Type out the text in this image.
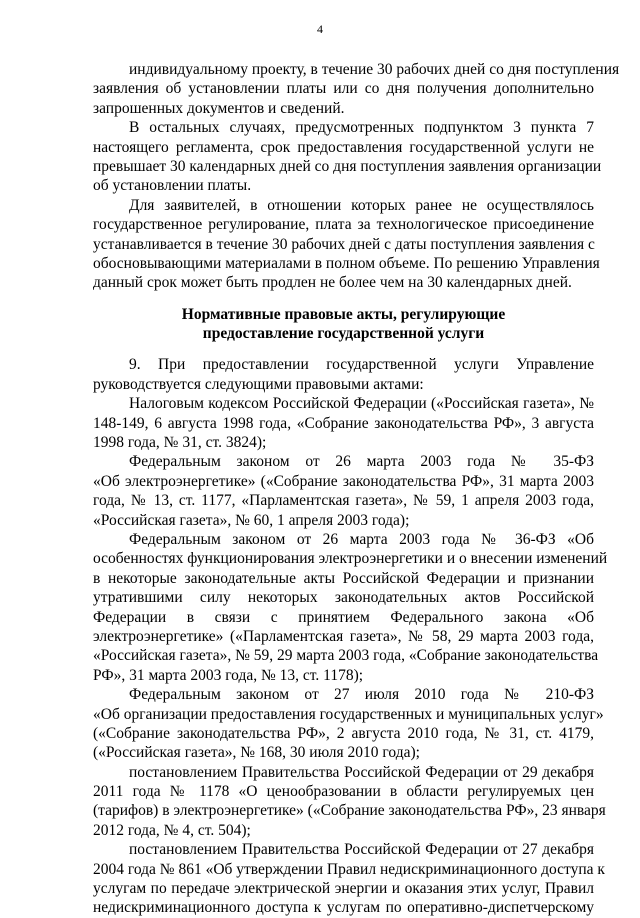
4
индивидуальному проекту, в течение 30 рабочих дней со дня поступления
заявления об установлении платы или со дня получения дополнительно
запрошенных документов и сведений.
В остальных случаях, предусмотренных подпунктом 3 пункта 7
настоящего регламента, срок предоставления государственной услуги не
превышает 30 календарных дней со дня поступления заявления организации
об установлении платы.
Для заявителей, в отношении которых ранее не осуществлялось
государственное регулирование, плата за технологическое присоединение
устанавливается в течение 30 рабочих дней с даты поступления заявления с
обосновывающими материалами в полном объеме. По решению Управления
данный срок может быть продлен не более чем на 30 календарных дней.
Нормативные правовые акты, регулирующие
предоставление государственной услуги
9. При предоставлении государственной услуги Управление
руководствуется следующими правовыми актами:
Налоговым кодексом Российской Федерации («Российская газета», №
148-149, 6 августа 1998 года, «Собрание законодательства РФ», 3 августа
1998 года, № 31, ст. 3824);
Федеральным законом от 26 марта 2003 года № 35-ФЗ
«Об электроэнергетике» («Собрание законодательства РФ», 31 марта 2003
года, № 13, ст. 1177, «Парламентская газета», № 59, 1 апреля 2003 года,
«Российская газета», № 60, 1 апреля 2003 года);
Федеральным законом от 26 марта 2003 года № 36-ФЗ «Об
особенностях функционирования электроэнергетики и о внесении изменений
в некоторые законодательные акты Российской Федерации и признании
утратившими силу некоторых законодательных актов Российской
Федерации в связи с принятием Федерального закона «Об
электроэнергетике» («Парламентская газета», № 58, 29 марта 2003 года,
«Российская газета», № 59, 29 марта 2003 года, «Собрание законодательства
РФ», 31 марта 2003 года, № 13, ст. 1178);
Федеральным законом от 27 июля 2010 года № 210-ФЗ
«Об организации предоставления государственных и муниципальных услуг»
(«Собрание законодательства РФ», 2 августа 2010 года, № 31, ст. 4179,
(«Российская газета», № 168, 30 июля 2010 года);
постановлением Правительства Российской Федерации от 29 декабря
2011 года № 1178 «О ценообразовании в области регулируемых цен
(тарифов) в электроэнергетике» («Собрание законодательства РФ», 23 января
2012 года, № 4, ст. 504);
постановлением Правительства Российской Федерации от 27 декабря
2004 года № 861 «Об утверждении Правил недискриминационного доступа к
услугам по передаче электрической энергии и оказания этих услуг, Правил
недискриминационного доступа к услугам по оперативно-диспетчерскому
